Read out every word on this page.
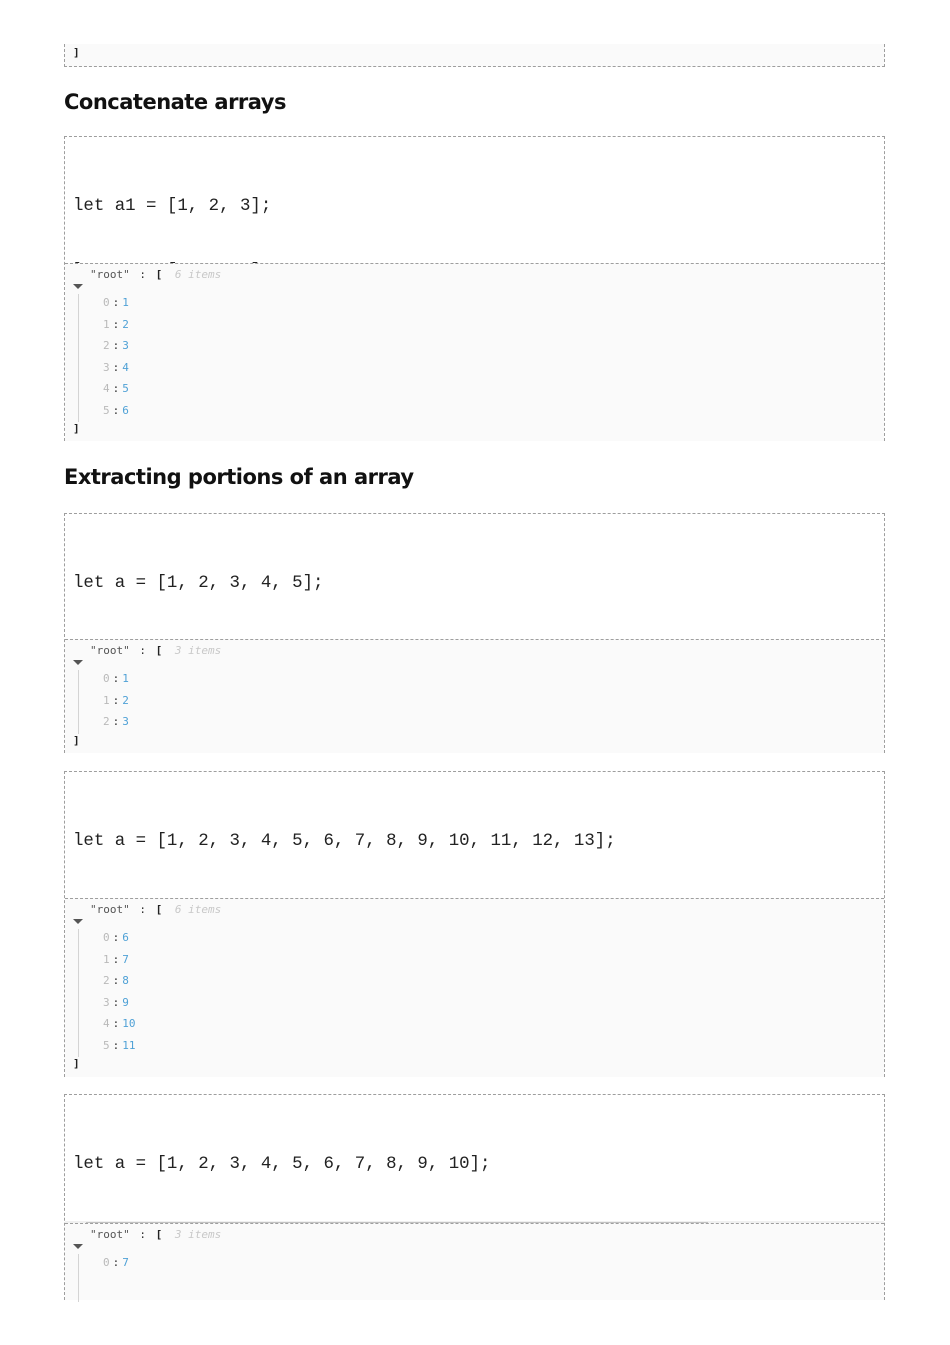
]
Concatenate arrays

let a1 = [1, 2, 3];

"root" : [ 6 items
0 : 1
1 : 2
2 : 3
3 : 4
4 : 5
5 : 6
]
Extracting portions of an array

let a = [1, 2, 3, 4, 5];

"root" : [ 3 items
0 : 1
1 : 2
2 : 3
]

let a = [1, 2, 3, 4, 5, 6, 7, 8, 9, 10, 11, 12, 13];

"root" : [ 6 items
0 : 6
1 : 7
2 : 8
3 : 9
4 : 10
5 : 11
]

let a = [1, 2, 3, 4, 5, 6, 7, 8, 9, 10];

"root" : [ 3 items
0 : 7
